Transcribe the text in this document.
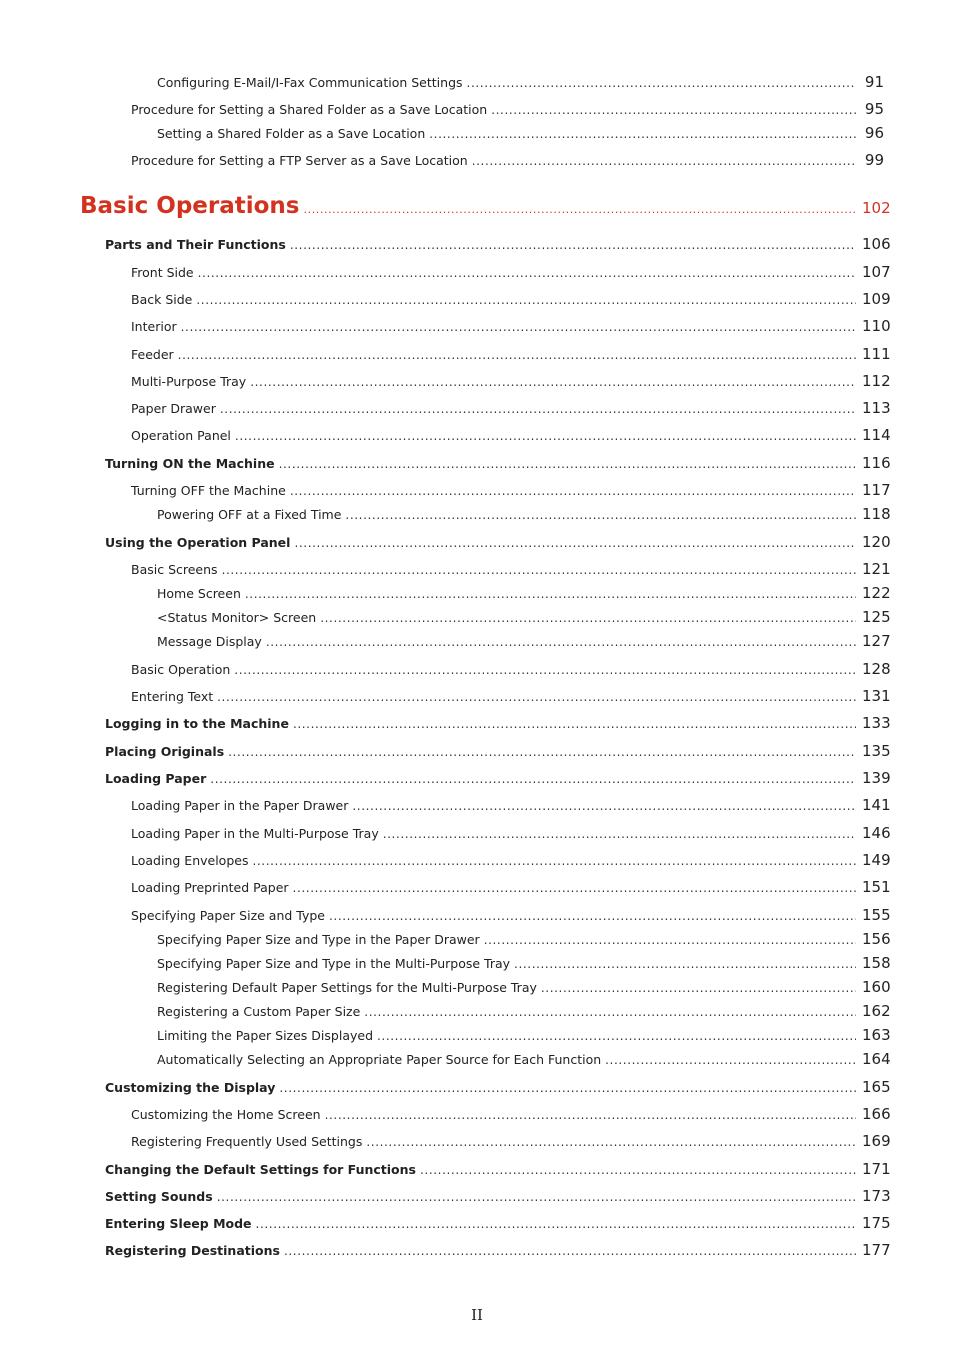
Configuring E-Mail/I-Fax Communication Settings .....	91
Procedure for Setting a Shared Folder as a Save Location .....	95
Setting a Shared Folder as a Save Location .....	96
Procedure for Setting a FTP Server as a Save Location .....	99
Basic Operations .....	102
Parts and Their Functions .....	106
Front Side .....	107
Back Side .....	109
Interior .....	110
Feeder .....	111
Multi-Purpose Tray .....	112
Paper Drawer .....	113
Operation Panel .....	114
Turning ON the Machine .....	116
Turning OFF the Machine .....	117
Powering OFF at a Fixed Time .....	118
Using the Operation Panel .....	120
Basic Screens .....	121
Home Screen .....	122
<Status Monitor> Screen .....	125
Message Display .....	127
Basic Operation .....	128
Entering Text .....	131
Logging in to the Machine .....	133
Placing Originals .....	135
Loading Paper .....	139
Loading Paper in the Paper Drawer .....	141
Loading Paper in the Multi-Purpose Tray .....	146
Loading Envelopes .....	149
Loading Preprinted Paper .....	151
Specifying Paper Size and Type .....	155
Specifying Paper Size and Type in the Paper Drawer .....	156
Specifying Paper Size and Type in the Multi-Purpose Tray .....	158
Registering Default Paper Settings for the Multi-Purpose Tray .....	160
Registering a Custom Paper Size .....	162
Limiting the Paper Sizes Displayed .....	163
Automatically Selecting an Appropriate Paper Source for Each Function .....	164
Customizing the Display .....	165
Customizing the Home Screen .....	166
Registering Frequently Used Settings .....	169
Changing the Default Settings for Functions .....	171
Setting Sounds .....	173
Entering Sleep Mode .....	175
Registering Destinations .....	177
II
